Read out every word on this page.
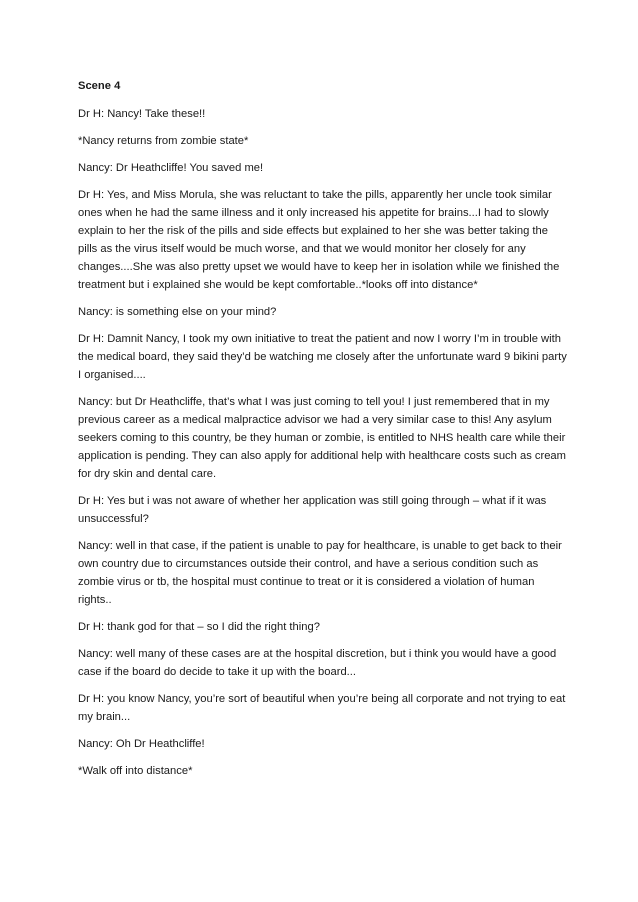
Scene 4

Dr H: Nancy! Take these!!

*Nancy returns from zombie state*

Nancy: Dr Heathcliffe! You saved me!

Dr H: Yes, and Miss Morula, she was reluctant to take the pills, apparently her uncle took similar ones when he had the same illness and it only increased his appetite for brains...I had to slowly explain to her the risk of the pills and side effects but explained to her she was better taking the pills as the virus itself would be much worse, and that we would monitor her closely for any changes....She was also pretty upset we would have to keep her in isolation while we finished the treatment but i explained she would be kept comfortable..*looks off into distance*

Nancy: is something else on your mind?

Dr H: Damnit Nancy, I took my own initiative to treat the patient and now I worry I’m in trouble with the medical board, they said they’d be watching me closely after the unfortunate ward 9 bikini party I organised....

Nancy: but Dr Heathcliffe, that’s what I was just coming to tell you! I just remembered that in my previous career as a medical malpractice advisor we had a very similar case to this! Any asylum seekers coming to this country, be they human or zombie, is entitled to NHS health care while their application is pending. They can also apply for additional help with healthcare costs such as cream for dry skin and dental care.

Dr H: Yes but i was not aware of whether her application was still going through – what if it was unsuccessful?

Nancy: well in that case, if the patient is unable to pay for healthcare, is unable to get back to their own country due to circumstances outside their control, and have a serious condition such as zombie virus or tb, the hospital must continue to treat or it is considered a violation of human rights..

Dr H: thank god for that – so I did the right thing?

Nancy: well many of these cases are at the hospital discretion, but i think you would have a good case if the board do decide to take it up with the board...

Dr H: you know Nancy, you’re sort of beautiful when you’re being all corporate and not trying to eat my brain...

Nancy: Oh Dr Heathcliffe!

*Walk off into distance*
